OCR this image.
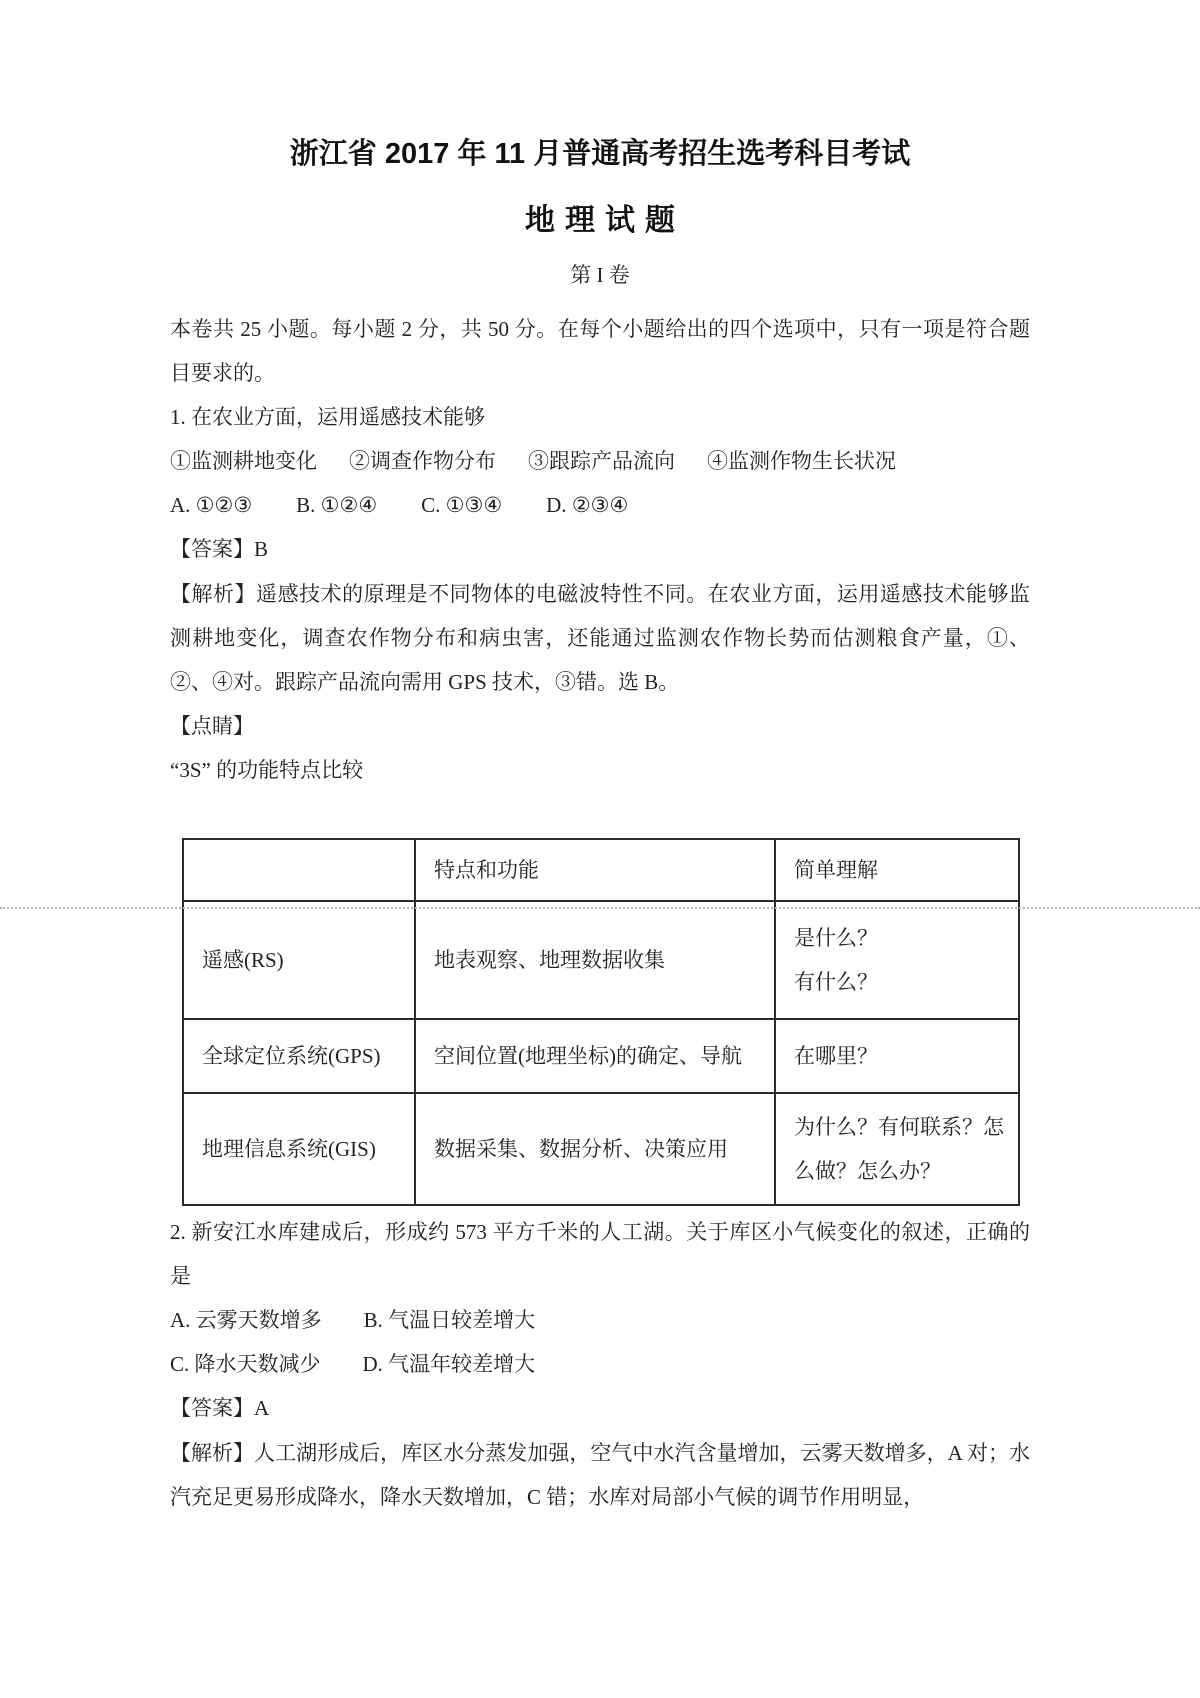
浙江省 2017 年 11 月普通高考招生选考科目考试
地理试题
第 I 卷

本卷共 25 小题。每小题 2 分，共 50 分。在每个小题给出的四个选项中，只有一项是符合题目要求的。

1. 在农业方面，运用遥感技术能够

①监测耕地变化 ②调查作物分布 ③跟踪产品流向 ④监测作物生长状况

A. ①②③ B. ①②④ C. ①③④ D. ②③④

【答案】B

【解析】遥感技术的原理是不同物体的电磁波特性不同。在农业方面，运用遥感技术能够监测耕地变化，调查农作物分布和病虫害，还能通过监测农作物长势而估测粮食产量，①、②、④对。跟踪产品流向需用 GPS 技术，③错。选 B。

【点睛】

“3S” 的功能特点比较

	特点和功能	简单理解
遥感(RS)	地表观察、地理数据收集	是什么？
有什么？

全球定位系统(GPS)	空间位置(地理坐标)的确定、导航	在哪里？
地理信息系统(GIS)	数据采集、数据分析、决策应用	为什么？有何联系？怎么做？怎么办？

2. 新安江水库建成后，形成约 573 平方千米的人工湖。关于库区小气候变化的叙述，正确的是

A. 云雾天数增多 B. 气温日较差增大

C. 降水天数减少 D. 气温年较差增大

【答案】A

【解析】人工湖形成后，库区水分蒸发加强，空气中水汽含量增加，云雾天数增多，A 对；水汽充足更易形成降水，降水天数增加，C 错；水库对局部小气候的调节作用明显，
